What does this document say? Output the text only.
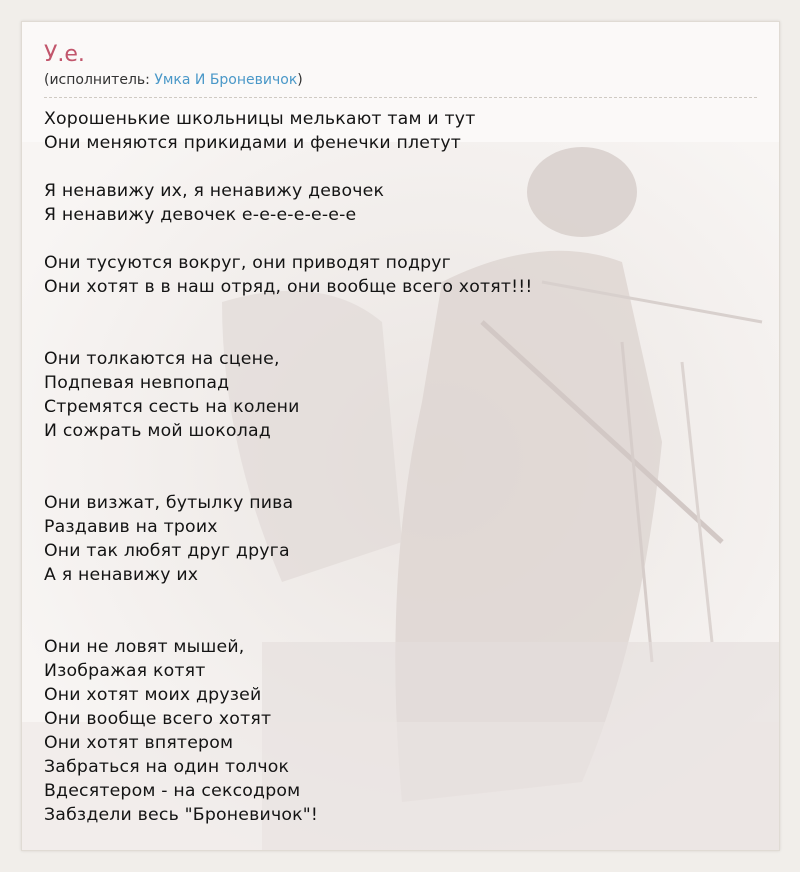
У.е.
(исполнитель: Умка И Броневичок)
Хорошенькие школьницы мелькают там и тут
Они меняются прикидами и фенечки плетут

Я ненавижу их, я ненавижу девочек
Я ненавижу девочек е-е-е-е-е-е-е

Они тусуются вокруг, они приводят подруг
Они хотят в в наш отряд, они вообще всего хотят!!!

Они толкаются на сцене,
Подпевая невпопад
Стремятся сесть на колени
И сожрать мой шоколад

Они визжат, бутылку пива
Раздавив на троих
Они так любят друг друга
А я ненавижу их

Они не ловят мышей,
Изображая котят
Они хотят моих друзей
Они вообще всего хотят
Они хотят впятером
Забраться на один толчок
Вдесятером - на сексодром
Забздели весь "Броневичок"!
